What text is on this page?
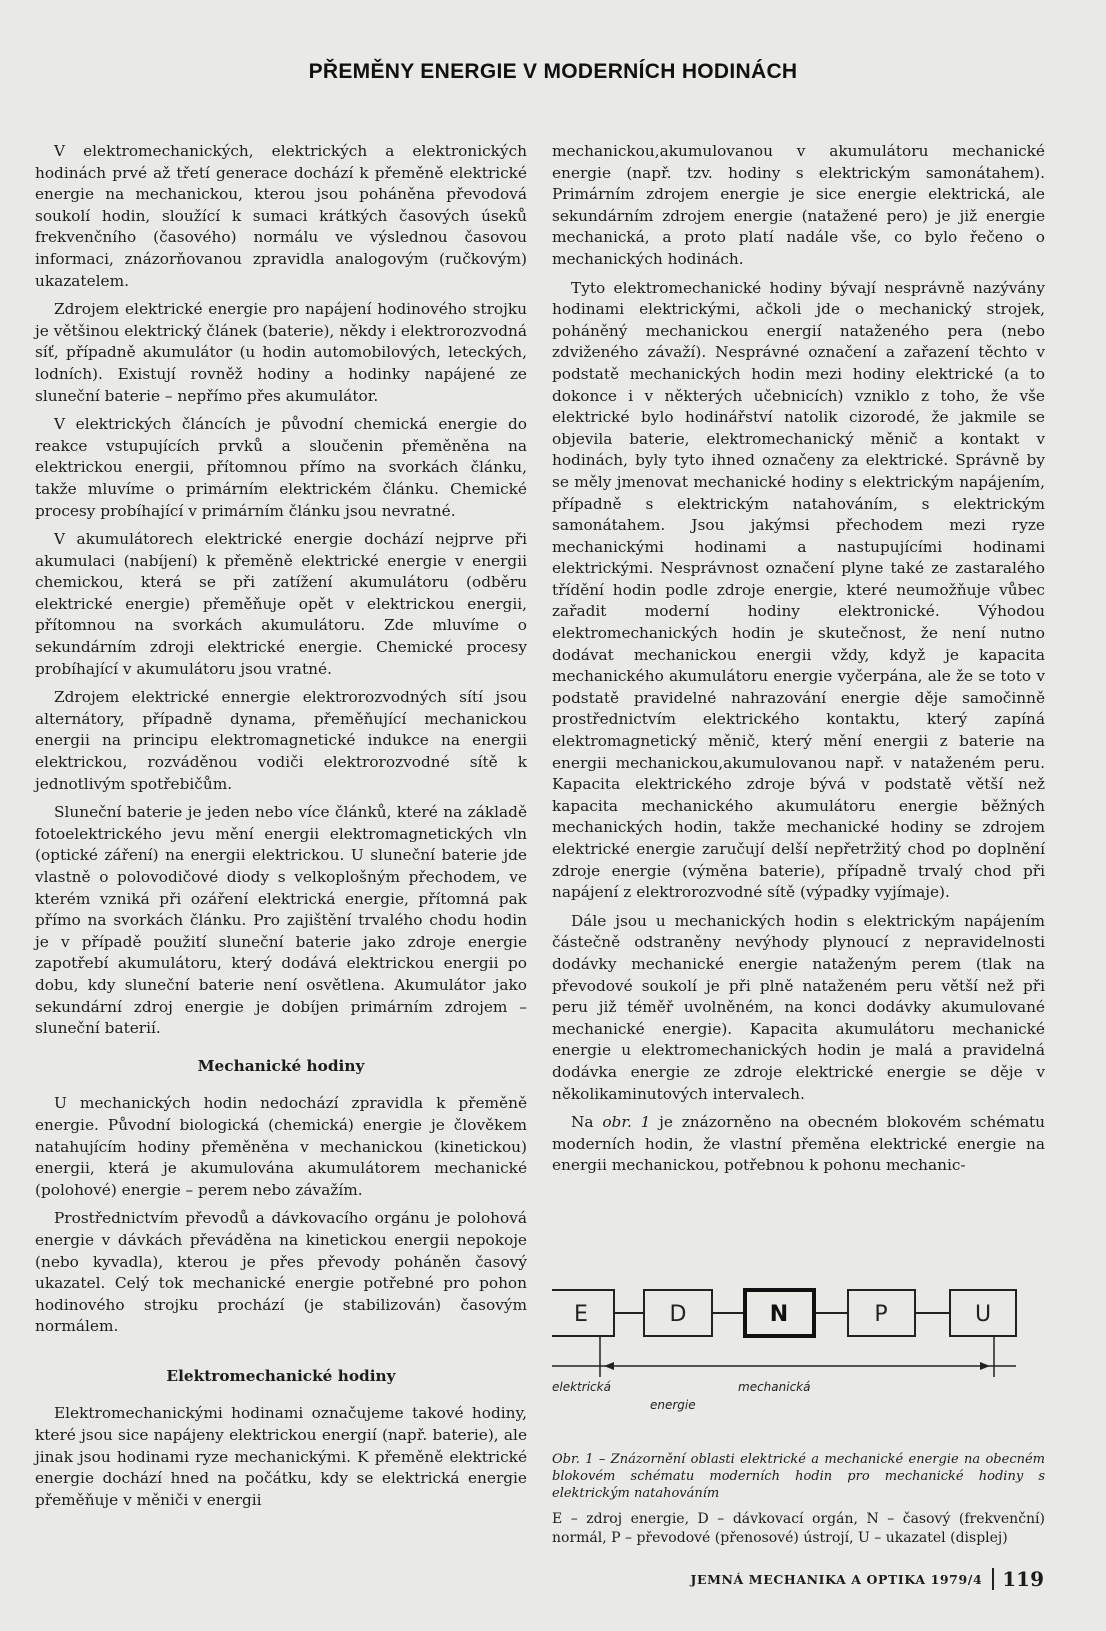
PŘEMĚNY ENERGIE V MODERNÍCH HODINÁCH

V elektromechanických, elektrických a elektronických hodinách prvé až třetí generace dochází k přeměně elektrické energie na mechanickou, kterou jsou poháněna převodová soukolí hodin, sloužící k sumaci krátkých časových úseků frekvenčního (časového) normálu ve výslednou časovou informaci, znázorňovanou zpravidla analogovým (ručkovým) ukazatelem.

Zdrojem elektrické energie pro napájení hodinového strojku je většinou elektrický článek (baterie), někdy i elektrorozvodná síť, případně akumulátor (u hodin automobilových, leteckých, lodních). Existují rovněž hodiny a hodinky napájené ze sluneční baterie – nepřímo přes akumulátor.

V elektrických článcích je původní chemická energie do reakce vstupujících prvků a sloučenin přeměněna na elektrickou energii, přítomnou přímo na svorkách článku, takže mluvíme o primárním elektrickém článku. Chemické procesy probíhající v primárním článku jsou nevratné.

V akumulátorech elektrické energie dochází nejprve při akumulaci (nabíjení) k přeměně elektrické energie v energii chemickou, která se při zatížení akumulátoru (odběru elektrické energie) přeměňuje opět v elektrickou energii, přítomnou na svorkách akumulátoru. Zde mluvíme o sekundárním zdroji elektrické energie. Chemické procesy probíhající v akumulátoru jsou vratné.

Zdrojem elektrické ennergie elektrorozvodných sítí jsou alternátory, případně dynama, přeměňující mechanickou energii na principu elektromagnetické indukce na energii elektrickou, rozváděnou vodiči elektrorozvodné sítě k jednotlivým spotřebičům.

Sluneční baterie je jeden nebo více článků, které na základě fotoelektrického jevu mění energii elektromagnetických vln (optické záření) na energii elektrickou. U sluneční baterie jde vlastně o polovodičové diody s velkoplošným přechodem, ve kterém vzniká při ozáření elektrická energie, přítomná pak přímo na svorkách článku. Pro zajištění trvalého chodu hodin je v případě použití sluneční baterie jako zdroje energie zapotřebí akumulátoru, který dodává elektrickou energii po dobu, kdy sluneční baterie není osvětlena. Akumulátor jako sekundární zdroj energie je dobíjen primárním zdrojem – sluneční baterií.

Mechanické hodiny

U mechanických hodin nedochází zpravidla k přeměně energie. Původní biologická (chemická) energie je člověkem natahujícím hodiny přeměněna v mechanickou (kinetickou) energii, která je akumulována akumulátorem mechanické (polohové) energie – perem nebo závažím.

Prostřednictvím převodů a dávkovacího orgánu je polohová energie v dávkách převáděna na kinetickou energii nepokoje (nebo kyvadla), kterou je přes převody poháněn časový ukazatel. Celý tok mechanické energie potřebné pro pohon hodinového strojku prochází (je stabilizován) časovým normálem.

Elektromechanické hodiny

Elektromechanickými hodinami označujeme takové hodiny, které jsou sice napájeny elektrickou energií (např. baterie), ale jinak jsou hodinami ryze mechanickými. K přeměně elektrické energie dochází hned na počátku, kdy se elektrická energie přeměňuje v měniči v energii

mechanickou,akumulovanou v akumulátoru mechanické energie (např. tzv. hodiny s elektrickým samonátahem). Primárním zdrojem energie je sice energie elektrická, ale sekundárním zdrojem energie (natažené pero) je již energie mechanická, a proto platí nadále vše, co bylo řečeno o mechanických hodinách.

Tyto elektromechanické hodiny bývají nesprávně nazývány hodinami elektrickými, ačkoli jde o mechanický strojek, poháněný mechanickou energií nataženého pera (nebo zdviženého závaží). Nesprávné označení a zařazení těchto v podstatě mechanických hodin mezi hodiny elektrické (a to dokonce i v některých učebnicích) vzniklo z toho, že vše elektrické bylo hodinářství natolik cizorodé, že jakmile se objevila baterie, elektromechanický měnič a kontakt v hodinách, byly tyto ihned označeny za elektrické. Správně by se měly jmenovat mechanické hodiny s elektrickým napájením, případně s elektrickým natahováním, s elektrickým samonátahem. Jsou jakýmsi přechodem mezi ryze mechanickými hodinami a nastupujícími hodinami elektrickými. Nesprávnost označení plyne také ze zastaralého třídění hodin podle zdroje energie, které neumožňuje vůbec zařadit moderní hodiny elektronické. Výhodou elektromechanických hodin je skutečnost, že není nutno dodávat mechanickou energii vždy, když je kapacita mechanického akumulátoru energie vyčerpána, ale že se toto v podstatě pravidelné nahrazování energie děje samočinně prostřednictvím elektrického kontaktu, který zapíná elektromagnetický měnič, který mění energii z baterie na energii mechanickou,akumulovanou např. v nataženém peru. Kapacita elektrického zdroje bývá v podstatě větší než kapacita mechanického akumulátoru energie běžných mechanických hodin, takže mechanické hodiny se zdrojem elektrické energie zaručují delší nepřetržitý chod po doplnění zdroje energie (výměna baterie), případně trvalý chod při napájení z elektrorozvodné sítě (výpadky vyjímaje).

Dále jsou u mechanických hodin s elektrickým napájením částečně odstraněny nevýhody plynoucí z nepravidelnosti dodávky mechanické energie nataženým perem (tlak na převodové soukolí je při plně nataženém peru větší než při peru již téměř uvolněném, na konci dodávky akumulované mechanické energie). Kapacita akumulátoru mechanické energie u elektromechanických hodin je malá a pravidelná dodávka energie ze zdroje elektrické energie se děje v několikaminutových intervalech.

Na obr. 1 je znázorněno na obecném blokovém schématu moderních hodin, že vlastní přeměna elektrické energie na energii mechanickou, potřebnou k pohonu mechanic-

E	D	N	P	U
elektrická	mechanická
energie
Obr. 1 – Znázornění oblasti elektrické a mechanické energie na obecném blokovém schématu moderních hodin pro mechanické hodiny s elektrickým natahováním
E – zdroj energie, D – dávkovací orgán, N – časový (frekvenční) normál, P – převodové (přenosové) ústrojí, U – ukazatel (displej)
JEMNÁ MECHANIKA A OPTIKA 1979/4 119
